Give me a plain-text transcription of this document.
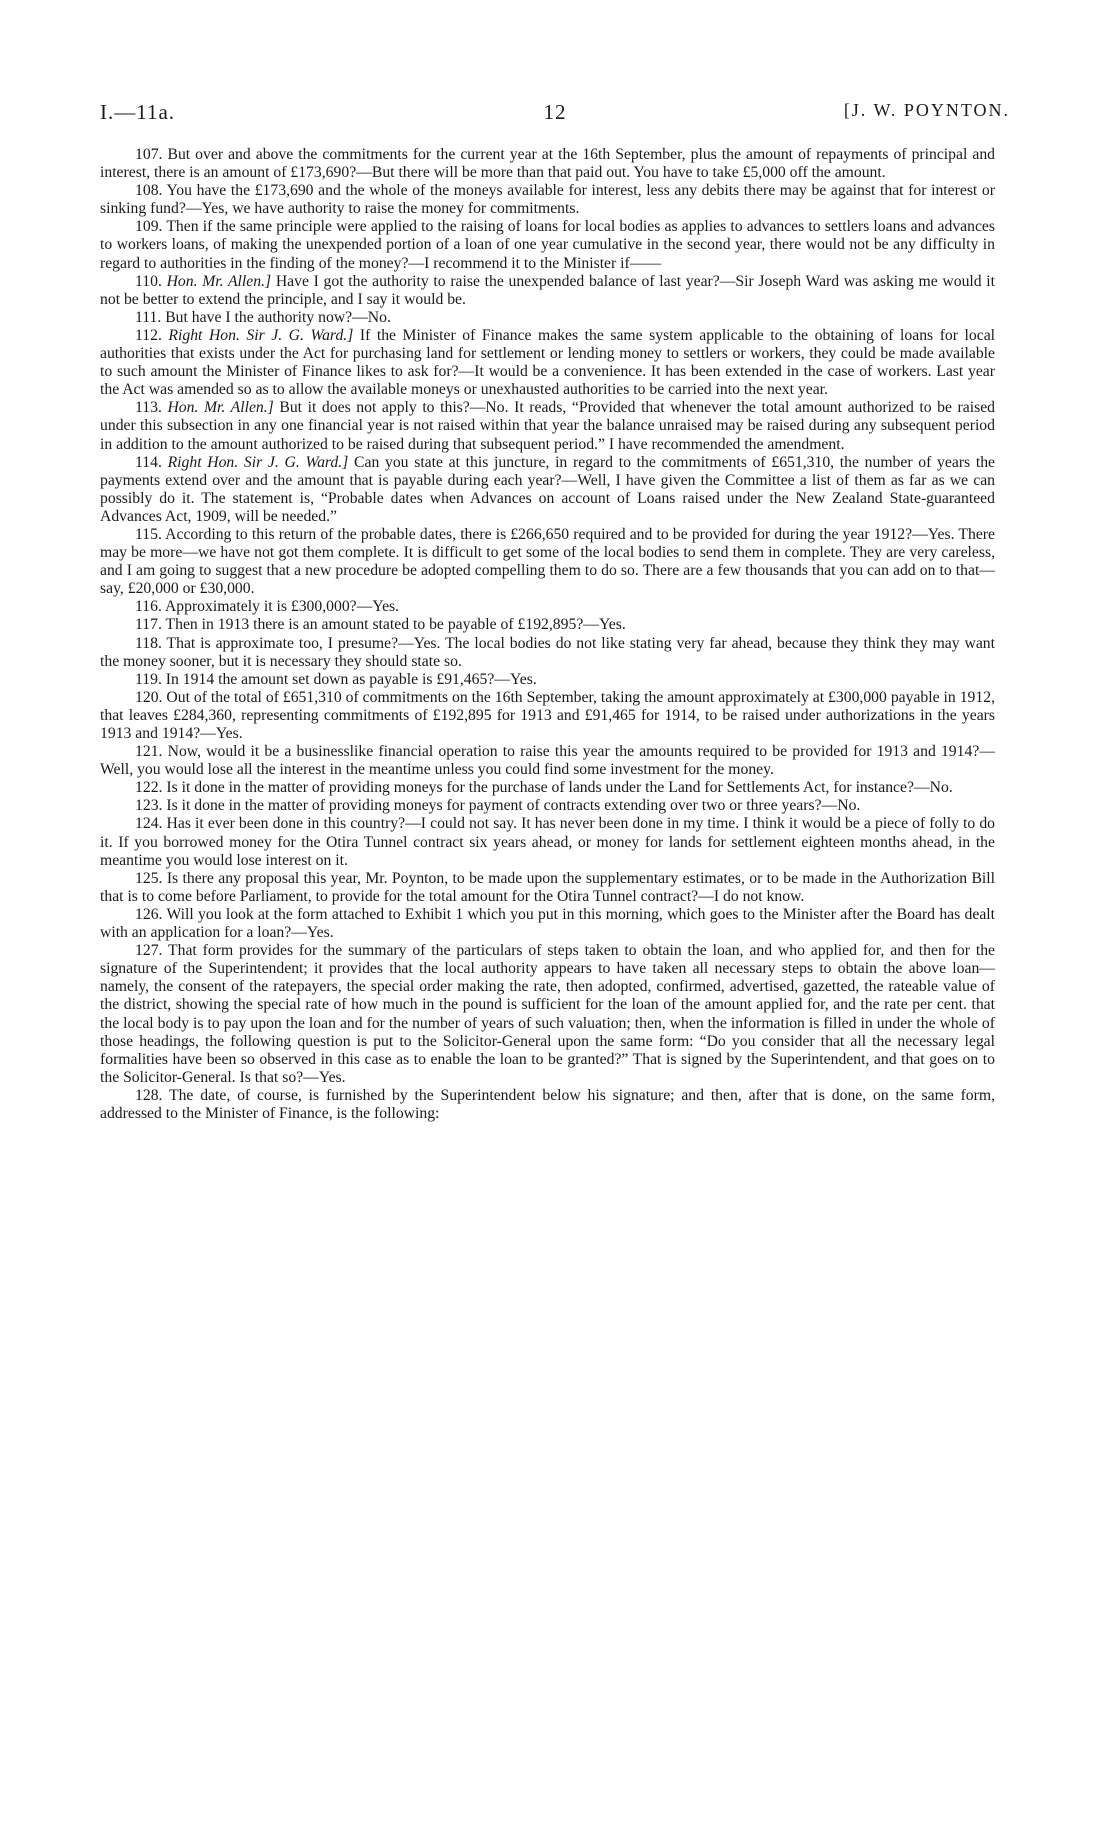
I.—11a.	12	[J. W. POYNTON.

107. But over and above the commitments for the current year at the 16th September, plus the amount of repayments of principal and interest, there is an amount of £173,690?—But there will be more than that paid out. You have to take £5,000 off the amount.

108. You have the £173,690 and the whole of the moneys available for interest, less any debits there may be against that for interest or sinking fund?—Yes, we have authority to raise the money for commitments.

109. Then if the same principle were applied to the raising of loans for local bodies as applies to advances to settlers loans and advances to workers loans, of making the unexpended portion of a loan of one year cumulative in the second year, there would not be any difficulty in regard to authorities in the finding of the money?—I recommend it to the Minister if——

110. Hon. Mr. Allen.] Have I got the authority to raise the unexpended balance of last year?—Sir Joseph Ward was asking me would it not be better to extend the principle, and I say it would be.

111. But have I the authority now?—No.

112. Right Hon. Sir J. G. Ward.] If the Minister of Finance makes the same system applicable to the obtaining of loans for local authorities that exists under the Act for purchasing land for settlement or lending money to settlers or workers, they could be made available to such amount the Minister of Finance likes to ask for?—It would be a convenience. It has been extended in the case of workers. Last year the Act was amended so as to allow the available moneys or unexhausted authorities to be carried into the next year.

113. Hon. Mr. Allen.] But it does not apply to this?—No. It reads, “Provided that whenever the total amount authorized to be raised under this subsection in any one financial year is not raised within that year the balance unraised may be raised during any subsequent period in addition to the amount authorized to be raised during that subsequent period.” I have recommended the amendment.

114. Right Hon. Sir J. G. Ward.] Can you state at this juncture, in regard to the commitments of £651,310, the number of years the payments extend over and the amount that is payable during each year?—Well, I have given the Committee a list of them as far as we can possibly do it. The statement is, “Probable dates when Advances on account of Loans raised under the New Zealand State-guaranteed Advances Act, 1909, will be needed.”

115. According to this return of the probable dates, there is £266,650 required and to be provided for during the year 1912?—Yes. There may be more—we have not got them complete. It is difficult to get some of the local bodies to send them in complete. They are very careless, and I am going to suggest that a new procedure be adopted compelling them to do so. There are a few thousands that you can add on to that—say, £20,000 or £30,000.

116. Approximately it is £300,000?—Yes.

117. Then in 1913 there is an amount stated to be payable of £192,895?—Yes.

118. That is approximate too, I presume?—Yes. The local bodies do not like stating very far ahead, because they think they may want the money sooner, but it is necessary they should state so.

119. In 1914 the amount set down as payable is £91,465?—Yes.

120. Out of the total of £651,310 of commitments on the 16th September, taking the amount approximately at £300,000 payable in 1912, that leaves £284,360, representing commitments of £192,895 for 1913 and £91,465 for 1914, to be raised under authorizations in the years 1913 and 1914?—Yes.

121. Now, would it be a businesslike financial operation to raise this year the amounts required to be provided for 1913 and 1914?—Well, you would lose all the interest in the meantime unless you could find some investment for the money.

122. Is it done in the matter of providing moneys for the purchase of lands under the Land for Settlements Act, for instance?—No.

123. Is it done in the matter of providing moneys for payment of contracts extending over two or three years?—No.

124. Has it ever been done in this country?—I could not say. It has never been done in my time. I think it would be a piece of folly to do it. If you borrowed money for the Otira Tunnel contract six years ahead, or money for lands for settlement eighteen months ahead, in the meantime you would lose interest on it.

125. Is there any proposal this year, Mr. Poynton, to be made upon the supplementary estimates, or to be made in the Authorization Bill that is to come before Parliament, to provide for the total amount for the Otira Tunnel contract?—I do not know.

126. Will you look at the form attached to Exhibit 1 which you put in this morning, which goes to the Minister after the Board has dealt with an application for a loan?—Yes.

127. That form provides for the summary of the particulars of steps taken to obtain the loan, and who applied for, and then for the signature of the Superintendent; it provides that the local authority appears to have taken all necessary steps to obtain the above loan—namely, the consent of the ratepayers, the special order making the rate, then adopted, confirmed, advertised, gazetted, the rateable value of the district, showing the special rate of how much in the pound is sufficient for the loan of the amount applied for, and the rate per cent. that the local body is to pay upon the loan and for the number of years of such valuation; then, when the information is filled in under the whole of those headings, the following question is put to the Solicitor-General upon the same form: “Do you consider that all the necessary legal formalities have been so observed in this case as to enable the loan to be granted?” That is signed by the Superintendent, and that goes on to the Solicitor-General. Is that so?—Yes.

128. The date, of course, is furnished by the Superintendent below his signature; and then, after that is done, on the same form, addressed to the Minister of Finance, is the following:
